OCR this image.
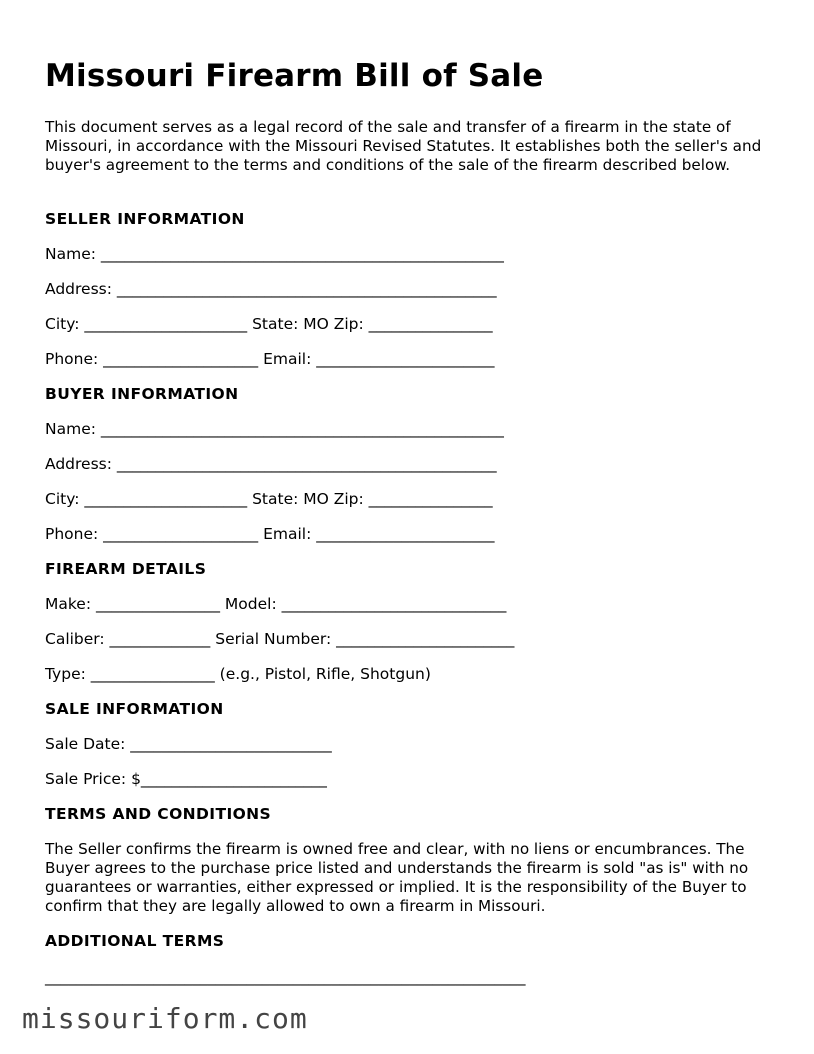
Missouri Firearm Bill of Sale

This document serves as a legal record of the sale and transfer of a firearm in the state of Missouri, in accordance with the Missouri Revised Statutes. It establishes both the seller's and buyer's agreement to the terms and conditions of the sale of the firearm described below.

SELLER INFORMATION

Name: ____________________________________________________

Address: _________________________________________________

City: _____________________ State: MO Zip: ________________

Phone: ____________________ Email: _______________________

BUYER INFORMATION

Name: ____________________________________________________

Address: _________________________________________________

City: _____________________ State: MO Zip: ________________

Phone: ____________________ Email: _______________________

FIREARM DETAILS

Make: ________________ Model: _____________________________

Caliber: _____________ Serial Number: _______________________

Type: ________________ (e.g., Pistol, Rifle, Shotgun)

SALE INFORMATION

Sale Date: __________________________

Sale Price: $________________________

TERMS AND CONDITIONS

The Seller confirms the firearm is owned free and clear, with no liens or encumbrances. The Buyer agrees to the purchase price listed and understands the firearm is sold "as is" with no guarantees or warranties, either expressed or implied. It is the responsibility of the Buyer to confirm that they are legally allowed to own a firearm in Missouri.

ADDITIONAL TERMS

______________________________________________________________

missouriform.com
